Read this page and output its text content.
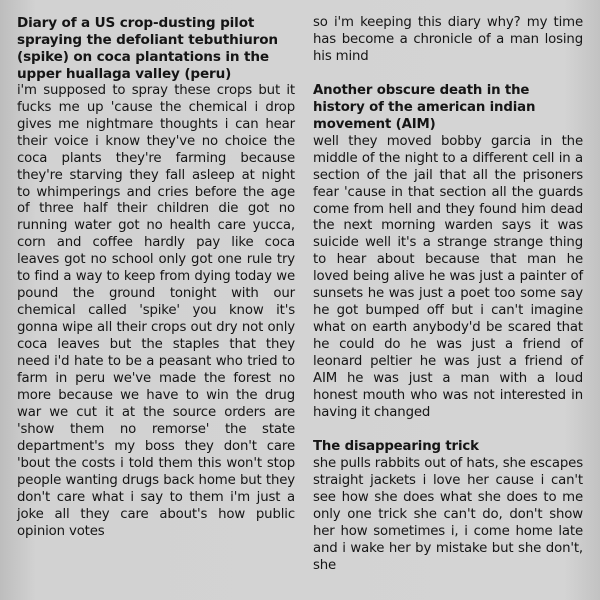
Diary of a US crop-dusting pilot spraying the defoliant tebuthiuron (spike) on coca plantations in the upper huallaga valley (peru)

i'm supposed to spray these crops but it fucks me up 'cause the chemical i drop gives me nightmare thoughts i can hear their voice i know they've no choice the coca plants they're farming because they're starving they fall asleep at night to whimperings and cries before the age of three half their children die got no running water got no health care yucca, corn and coffee hardly pay like coca leaves got no school only got one rule try to find a way to keep from dying today we pound the ground tonight with our chemical called 'spike' you know it's gonna wipe all their crops out dry not only coca leaves but the staples that they need i'd hate to be a peasant who tried to farm in peru we've made the forest no more because we have to win the drug war we cut it at the source orders are 'show them no remorse' the state department's my boss they don't care 'bout the costs i told them this won't stop people wanting drugs back home but they don't care what i say to them i'm just a joke all they care about's how public opinion votes

so i'm keeping this diary why? my time has become a chronicle of a man losing his mind

Another obscure death in the history of the american indian movement (AIM)

well they moved bobby garcia in the middle of the night to a different cell in a section of the jail that all the prisoners fear 'cause in that section all the guards come from hell and they found him dead the next morning warden says it was suicide well it's a strange strange thing to hear about because that man he loved being alive he was just a painter of sunsets he was just a poet too some say he got bumped off but i can't imagine what on earth anybody'd be scared that he could do he was just a friend of leonard peltier he was just a friend of AIM he was just a man with a loud honest mouth who was not interested in having it changed

The disappearing trick

she pulls rabbits out of hats, she escapes straight jackets i love her cause i can't see how she does what she does to me only one trick she can't do, don't show her how sometimes i, i come home late and i wake her by mistake but she don't, she
